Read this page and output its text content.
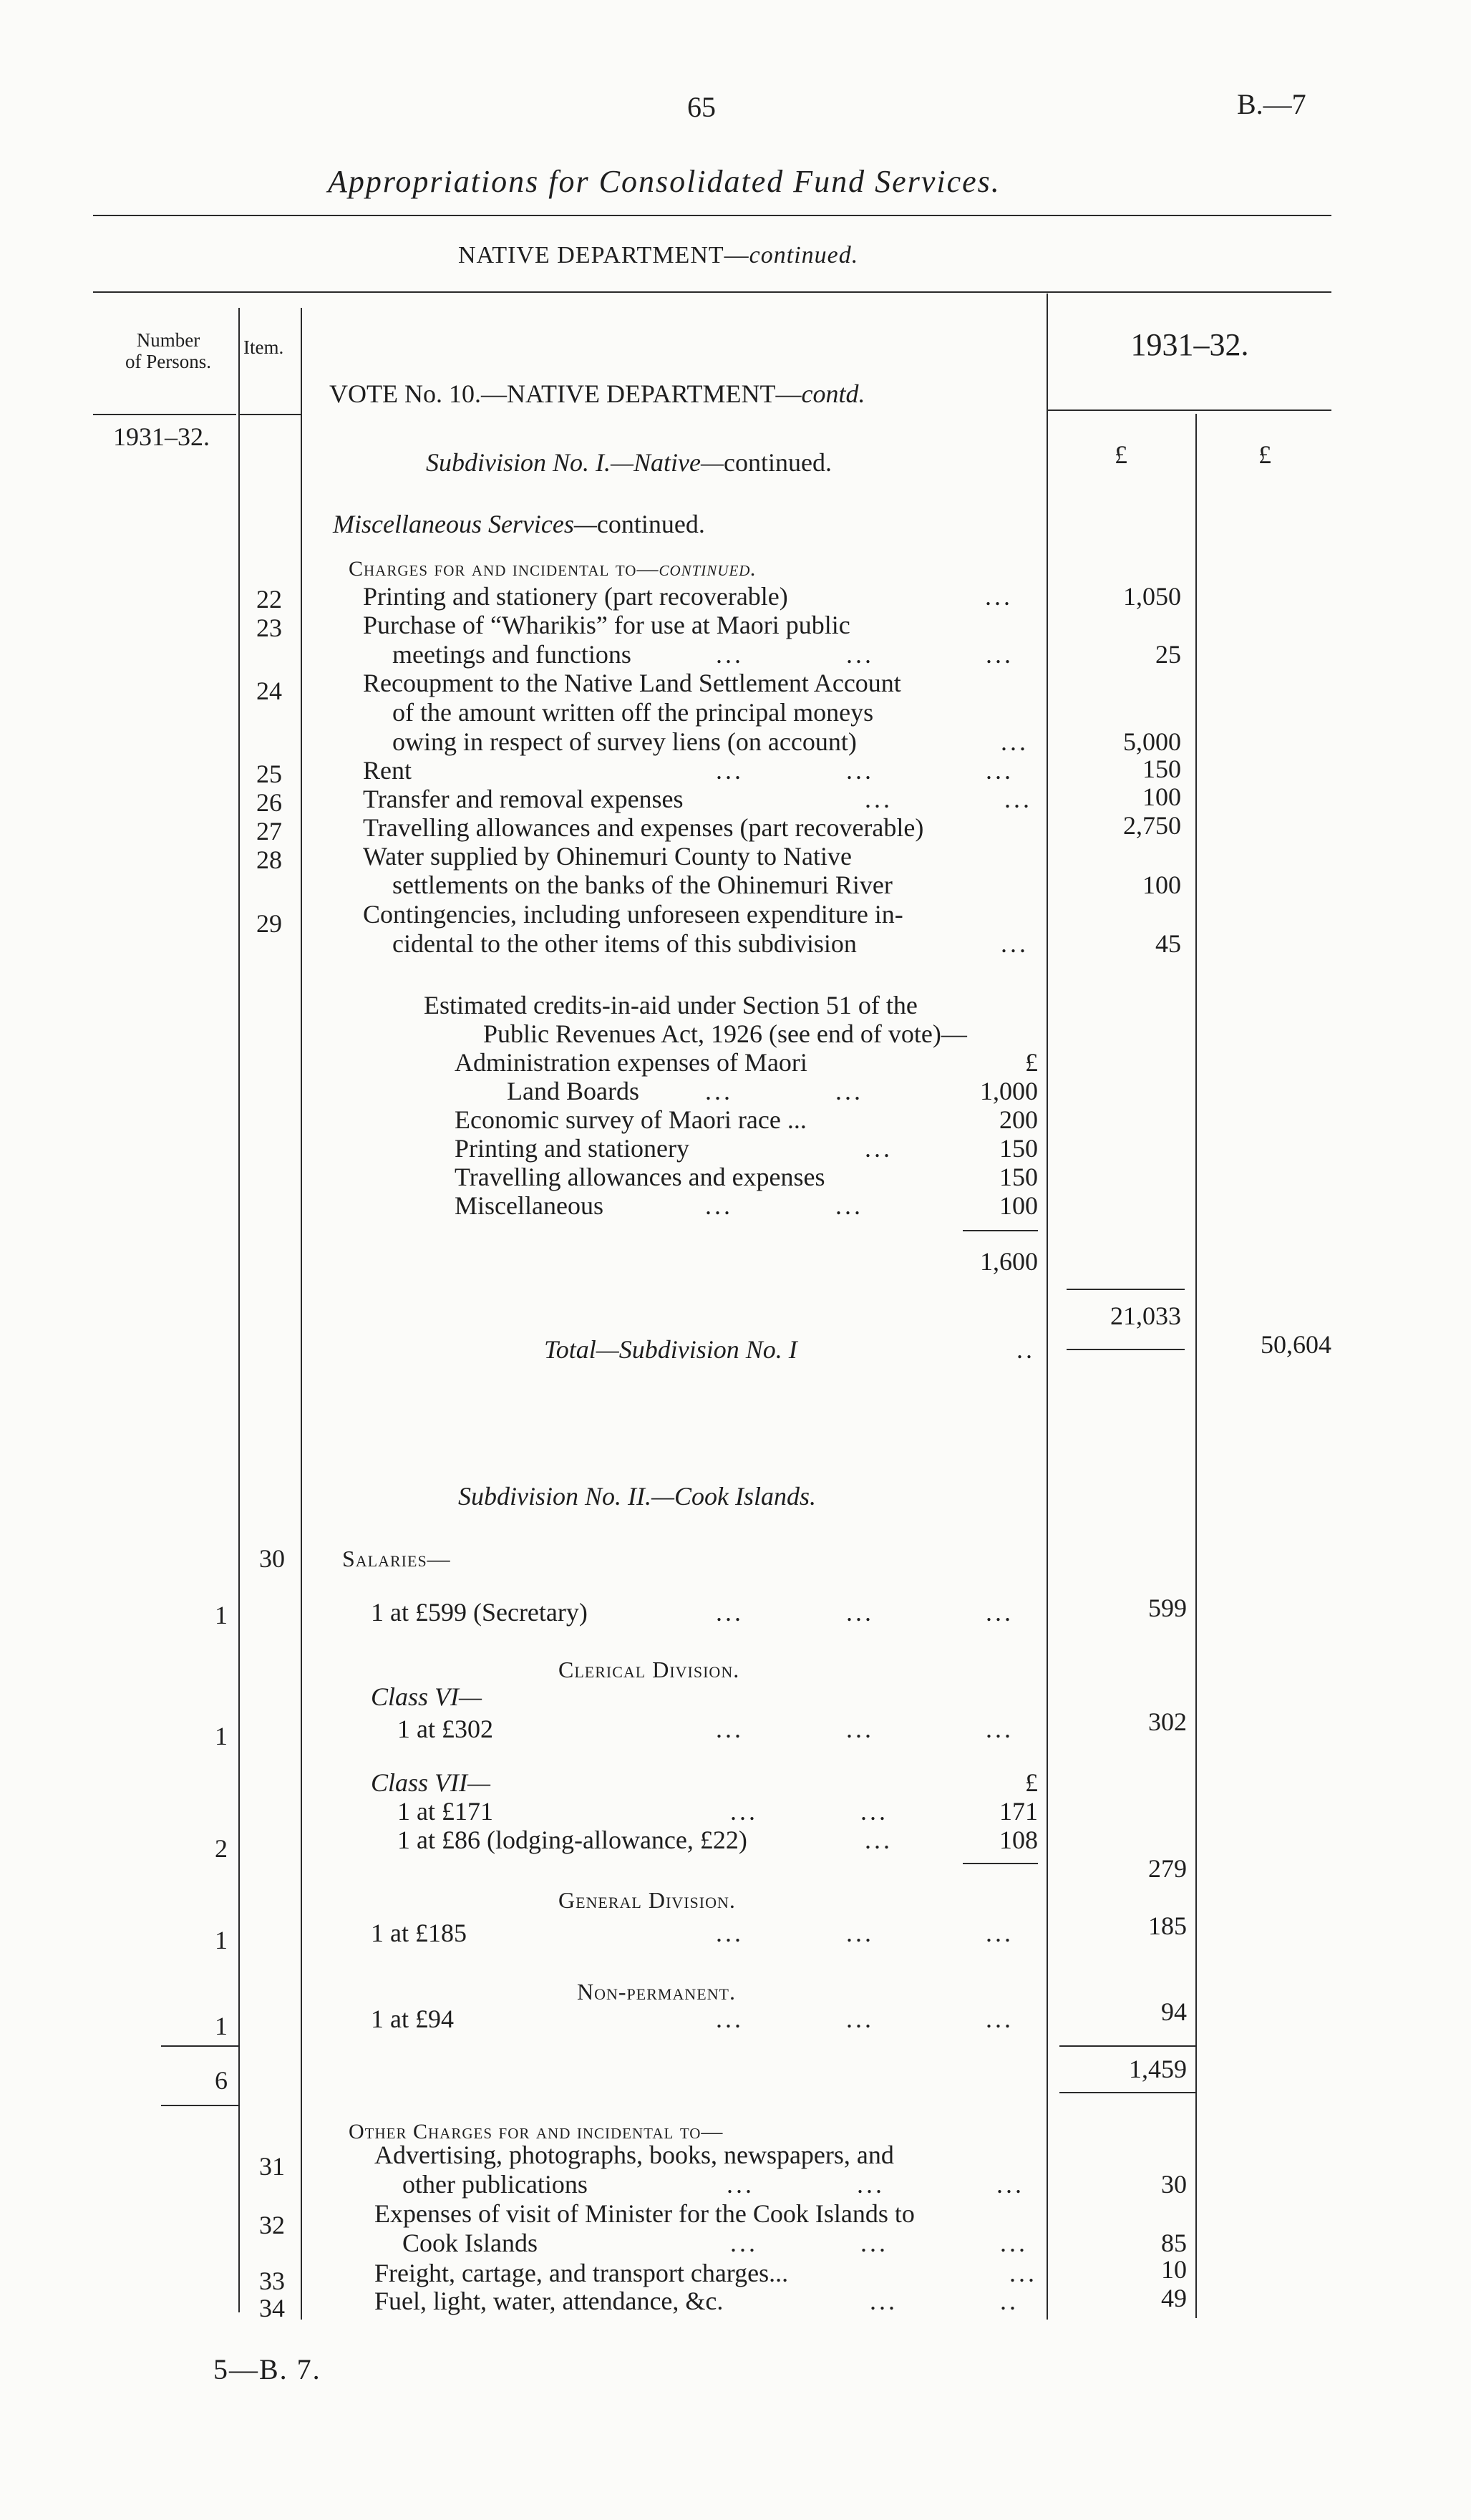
65	B.—7
Appropriations for Consolidated Fund Services.
NATIVE DEPARTMENT—continued.
Number
of Persons.
Item.
VOTE No. 10.—NATIVE DEPARTMENT—contd.
1931–32.
1931–32.
£	£
Subdivision No. I.—Native—continued.
Miscellaneous Services—continued.
Charges for and incidental to—continued.
22	Printing and stationery (part recoverable)	...	1,050
23	Purchase of “Wharikis” for use at Maori public
meetings and functions	...           ...            ...	25
24	Recoupment to the Native Land Settlement Account
of the amount written off the principal moneys
owing in respect of survey liens (on account)	...	5,000
25	Rent	...           ...            ...	150
26	Transfer and removal expenses	...            ...	100
27	Travelling allowances and expenses (part recoverable)	2,750
28	Water supplied by Ohinemuri County to Native
settlements on the banks of the Ohinemuri River	100
29	Contingencies, including unforeseen expenditure in-
cidental to the other items of this subdivision	...	45
Estimated credits-in-aid under Section 51 of the
Public Revenues Act, 1926 (see end of vote)—
£
Administration expenses of Maori
Land Boards	...           ...	1,000
Economic survey of Maori race ...	200
Printing and stationery	...	150
Travelling allowances and expenses	150
Miscellaneous	...           ...	100
1,600
21,033
Total—Subdivision No. I	..	50,604
Subdivision No. II.—Cook Islands.
30	Salaries—
1	1 at £599 (Secretary)	...           ...            ...	599
Clerical Division.
Class VI—
1	1 at £302	...           ...            ...	302
Class VII—	£
1 at £171	...           ...	171
2	1 at £86 (lodging-allowance, £22)	...	108
279
General Division.
1	1 at £185	...           ...            ...	185
Non-permanent.
1	1 at £94	...           ...            ...	94
6	1,459
Other Charges for and incidental to—
31	Advertising, photographs, books, newspapers, and
other publications	...           ...            ...	30
32	Expenses of visit of Minister for the Cook Islands to
Cook Islands	...           ...            ...	85
33	Freight, cartage, and transport charges...	...	10
34	Fuel, light, water, attendance, &c.	...           ..	49
5—B. 7.
